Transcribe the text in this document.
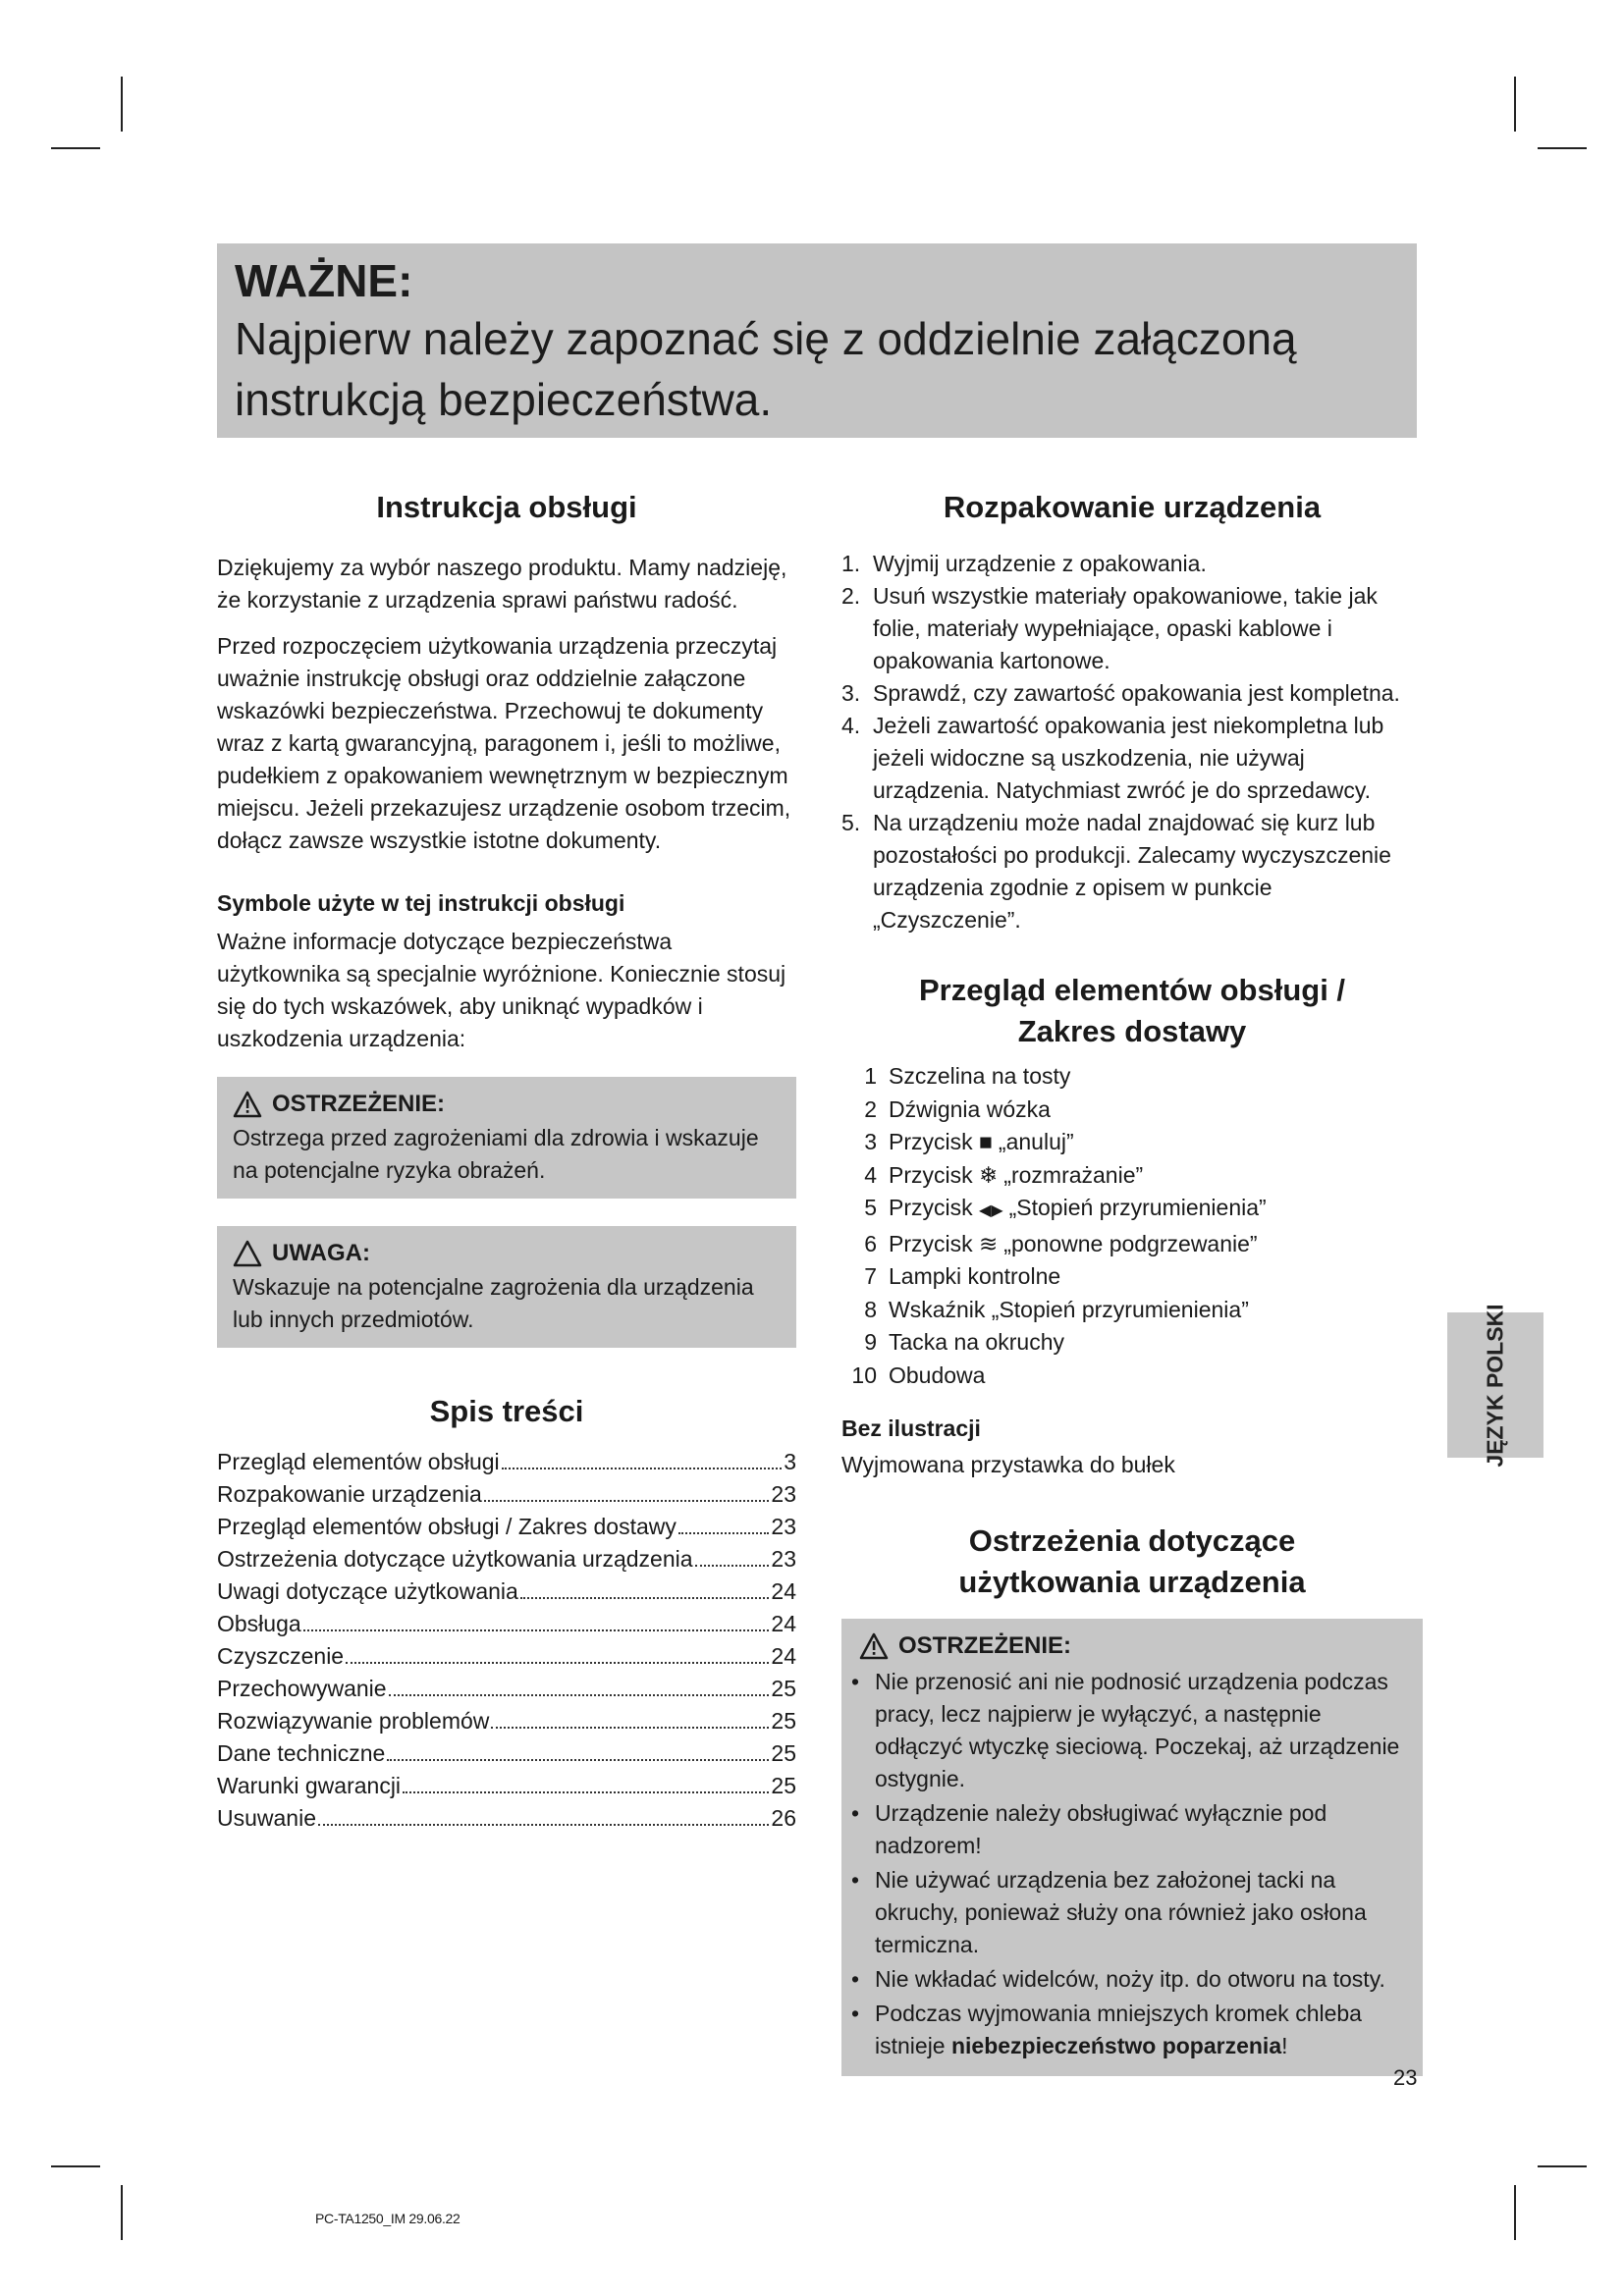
WAŻNE:
Najpierw należy zapoznać się z oddzielnie załączoną instrukcją bezpieczeństwa.
Instrukcja obsługi

Dziękujemy za wybór naszego produktu. Mamy nadzieję, że korzystanie z urządzenia sprawi państwu radość.

Przed rozpoczęciem użytkowania urządzenia przeczytaj uważnie instrukcję obsługi oraz oddzielnie załączone wskazówki bezpieczeństwa. Przechowuj te dokumenty wraz z kartą gwarancyjną, paragonem i, jeśli to możliwe, pudełkiem z opakowaniem wewnętrznym w bezpiecznym miejscu. Jeżeli przekazujesz urządzenie osobom trzecim, dołącz zawsze wszystkie istotne dokumenty.

Symbole użyte w tej instrukcji obsługi

Ważne informacje dotyczące bezpieczeństwa użytkownika są specjalnie wyróżnione. Koniecznie stosuj się do tych wskazówek, aby uniknąć wypadków i uszkodzenia urządzenia:

OSTRZEŻENIE:
Ostrzega przed zagrożeniami dla zdrowia i wskazuje na potencjalne ryzyka obrażeń.
UWAGA:
Wskazuje na potencjalne zagrożenia dla urządzenia lub innych przedmiotów.
Spis treści
Przegląd elementów obsługi	3
Rozpakowanie urządzenia	23
Przegląd elementów obsługi / Zakres dostawy	23
Ostrzeżenia dotyczące użytkowania urządzenia	23
Uwagi dotyczące użytkowania	24
Obsługa	24
Czyszczenie	24
Przechowywanie	25
Rozwiązywanie problemów	25
Dane techniczne	25
Warunki gwarancji	25
Usuwanie	26
Rozpakowanie urządzenia
1. Wyjmij urządzenie z opakowania.
2. Usuń wszystkie materiały opakowaniowe, takie jak folie, materiały wypełniające, opaski kablowe i opakowania kartonowe.
3. Sprawdź, czy zawartość opakowania jest kompletna.
4. Jeżeli zawartość opakowania jest niekompletna lub jeżeli widoczne są uszkodzenia, nie używaj urządzenia. Natychmiast zwróć je do sprzedawcy.
5. Na urządzeniu może nadal znajdować się kurz lub pozostałości po produkcji. Zalecamy wyczyszczenie urządzenia zgodnie z opisem w punkcie „Czyszczenie”.
Przegląd elementów obsługi /
Zakres dostawy
1 Szczelina na tosty
2 Dźwignia wózka
3 Przycisk ■ „anuluj”
4 Przycisk ❄ „rozmrażanie”
5 Przycisk ◀▶ „Stopień przyrumienienia”
6 Przycisk ≋ „ponowne podgrzewanie”
7 Lampki kontrolne
8 Wskaźnik „Stopień przyrumienienia”
9 Tacka na okruchy
10 Obudowa
Bez ilustracji

Wyjmowana przystawka do bułek

Ostrzeżenia dotyczące
użytkowania urządzenia
OSTRZEŻENIE:
• Nie przenosić ani nie podnosić urządzenia podczas pracy, lecz najpierw je wyłączyć, a następnie odłączyć wtyczkę sieciową. Poczekaj, aż urządzenie ostygnie.
• Urządzenie należy obsługiwać wyłącznie pod nadzorem!
• Nie używać urządzenia bez założonej tacki na okruchy, ponieważ służy ona również jako osłona termiczna.
• Nie wkładać widelców, noży itp. do otworu na tosty.
• Podczas wyjmowania mniejszych kromek chleba istnieje niebezpieczeństwo poparzenia!
JĘZYK POLSKI
23
PC-TA1250_IM 29.06.22
